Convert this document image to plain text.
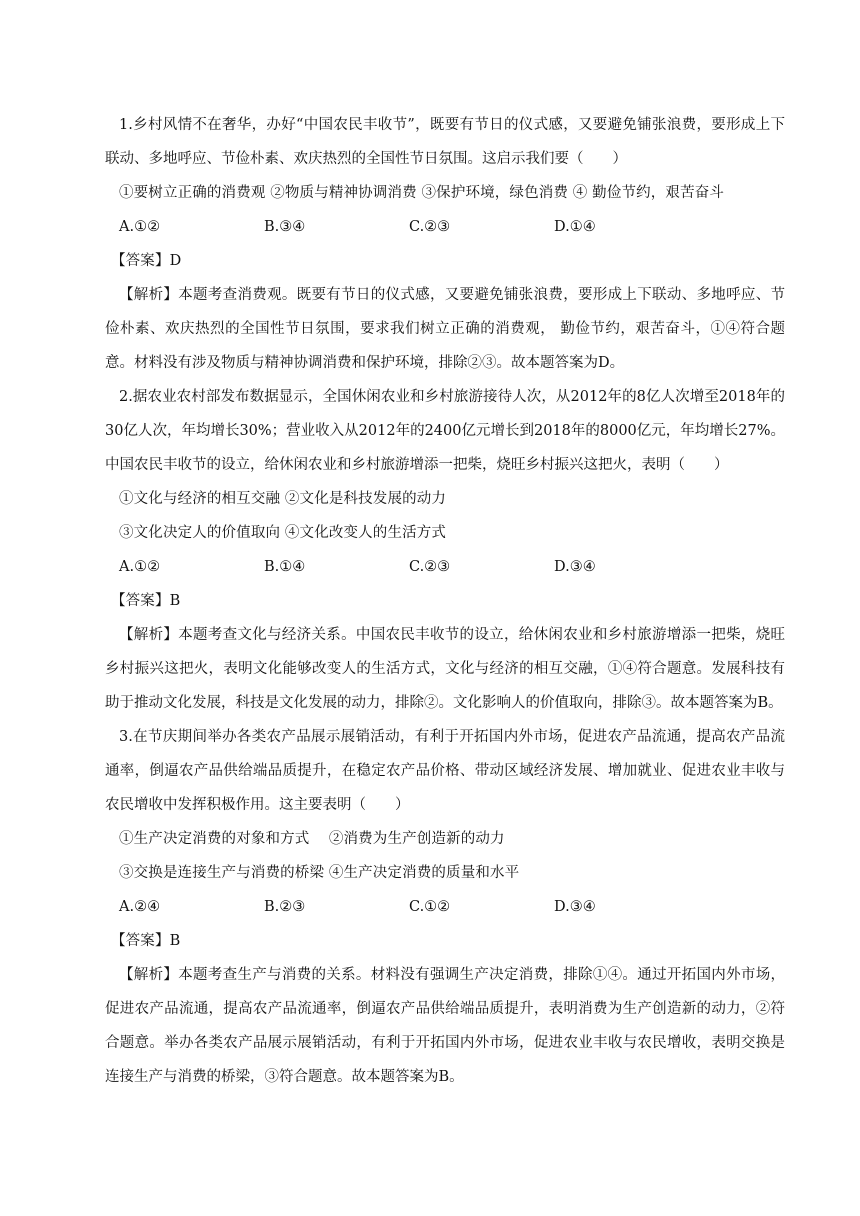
1.乡村风情不在奢华，办好“中国农民丰收节”，既要有节日的仪式感，又要避免铺张浪费，要形成上下联动、多地呼应、节俭朴素、欢庆热烈的全国性节日氛围。这启示我们要（　　）
①要树立正确的消费观 ②物质与精神协调消费 ③保护环境，绿色消费 ④ 勤俭节约，艰苦奋斗
A.①②	B.③④	C.②③	D.①④
【答案】D
【解析】本题考查消费观。既要有节日的仪式感，又要避免铺张浪费，要形成上下联动、多地呼应、节俭朴素、欢庆热烈的全国性节日氛围，要求我们树立正确的消费观， 勤俭节约，艰苦奋斗，①④符合题意。材料没有涉及物质与精神协调消费和保护环境，排除②③。故本题答案为D。
2.据农业农村部发布数据显示，全国休闲农业和乡村旅游接待人次，从2012年的8亿人次增至2018年的30亿人次，年均增长30%；营业收入从2012年的2400亿元增长到2018年的8000亿元，年均增长27%。中国农民丰收节的设立，给休闲农业和乡村旅游增添一把柴，烧旺乡村振兴这把火，表明（　　）
①文化与经济的相互交融 ②文化是科技发展的动力
③文化决定人的价值取向 ④文化改变人的生活方式
A.①②	B.①④	C.②③	D.③④
【答案】B
【解析】本题考查文化与经济关系。中国农民丰收节的设立，给休闲农业和乡村旅游增添一把柴，烧旺乡村振兴这把火，表明文化能够改变人的生活方式，文化与经济的相互交融，①④符合题意。发展科技有助于推动文化发展，科技是文化发展的动力，排除②。文化影响人的价值取向，排除③。故本题答案为B。
3.在节庆期间举办各类农产品展示展销活动，有利于开拓国内外市场，促进农产品流通，提高农产品流通率，倒逼农产品供给端品质提升，在稳定农产品价格、带动区域经济发展、增加就业、促进农业丰收与农民增收中发挥积极作用。这主要表明（　　）
①生产决定消费的对象和方式　 ②消费为生产创造新的动力
③交换是连接生产与消费的桥梁 ④生产决定消费的质量和水平
A.②④	B.②③	C.①②	D.③④
【答案】B
【解析】本题考查生产与消费的关系。材料没有强调生产决定消费，排除①④。通过开拓国内外市场，促进农产品流通，提高农产品流通率，倒逼农产品供给端品质提升，表明消费为生产创造新的动力，②符合题意。举办各类农产品展示展销活动，有利于开拓国内外市场，促进农业丰收与农民增收，表明交换是连接生产与消费的桥梁，③符合题意。故本题答案为B。
